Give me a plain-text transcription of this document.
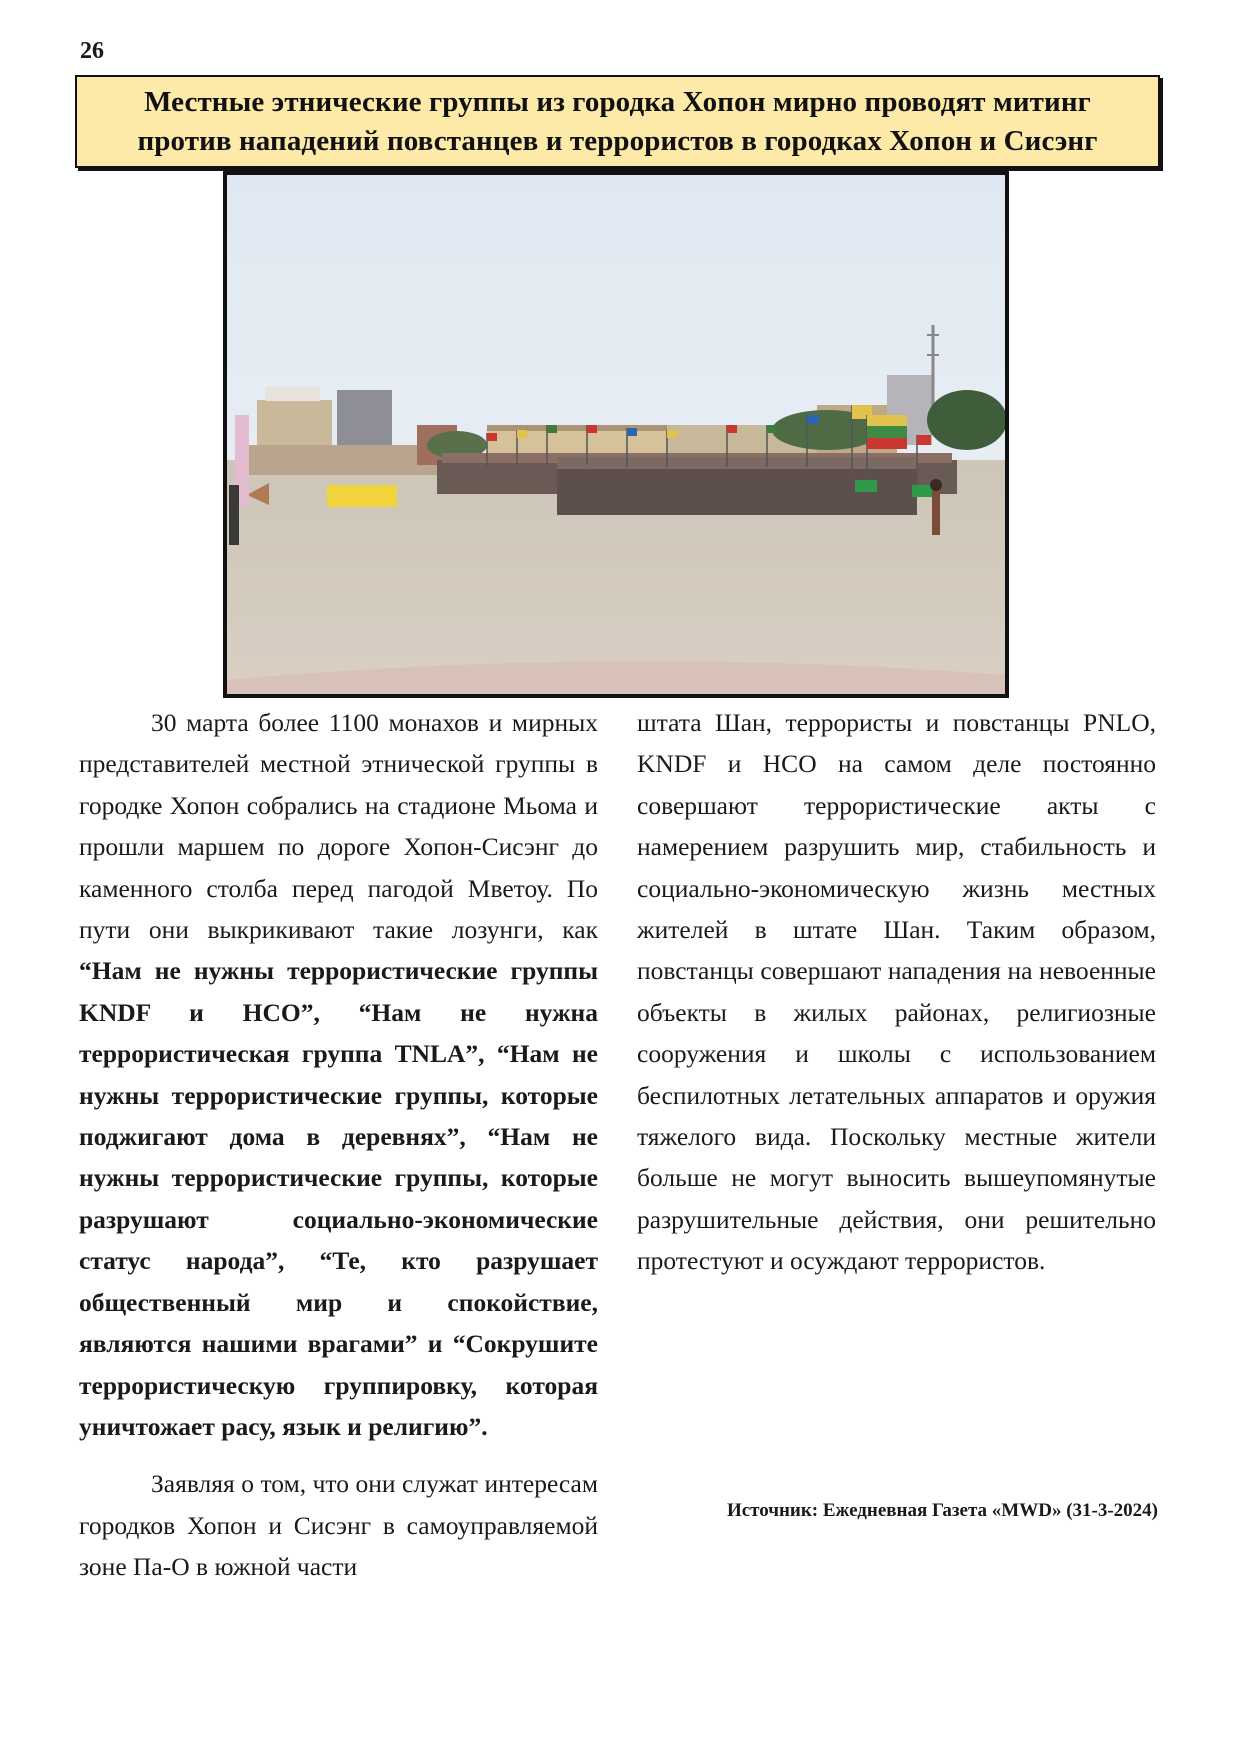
26
Местные этнические группы из городка Хопон мирно проводят митинг
против нападений повстанцев и террористов в городках Хопон и Сисэнг

30 марта более 1100 монахов и мирных представителей местной этнической группы в городке Хопон собрались на стадионе Мьома и прошли маршем по дороге Хопон-Сисэнг до каменного столба перед пагодой Мветоу. По пути они выкрикивают такие лозунги, как “Нам не нужны террористические группы KNDF и HCO”, “Нам не нужна террористическая группа TNLA”, “Нам не нужны террористические группы, которые поджигают дома в деревнях”, “Нам не нужны террористические группы, которые разрушают социально-экономические статус народа”, “Те, кто разрушает общественный мир и спокойствие, являются нашими врагами” и “Сокрушите террористическую группировку, которая уничтожает расу, язык и религию”.

Заявляя о том, что они служат интересам городков Хопон и Сисэнг в самоуправляемой зоне Па-О в южной части

штата Шан, террористы и повстанцы PNLO, KNDF и HCO на самом деле постоянно совершают террористические акты с намерением разрушить мир, стабильность и социально-экономическую жизнь местных жителей в штате Шан. Таким образом, повстанцы совершают нападения на невоенные объекты в жилых районах, религиозные сооружения и школы с использованием беспилотных летательных аппаратов и оружия тяжелого вида. Поскольку местные жители больше не могут выносить вышеупомянутые разрушительные действия, они решительно протестуют и осуждают террористов.

Источник: Ежедневная Газета «MWD» (31-3-2024)
